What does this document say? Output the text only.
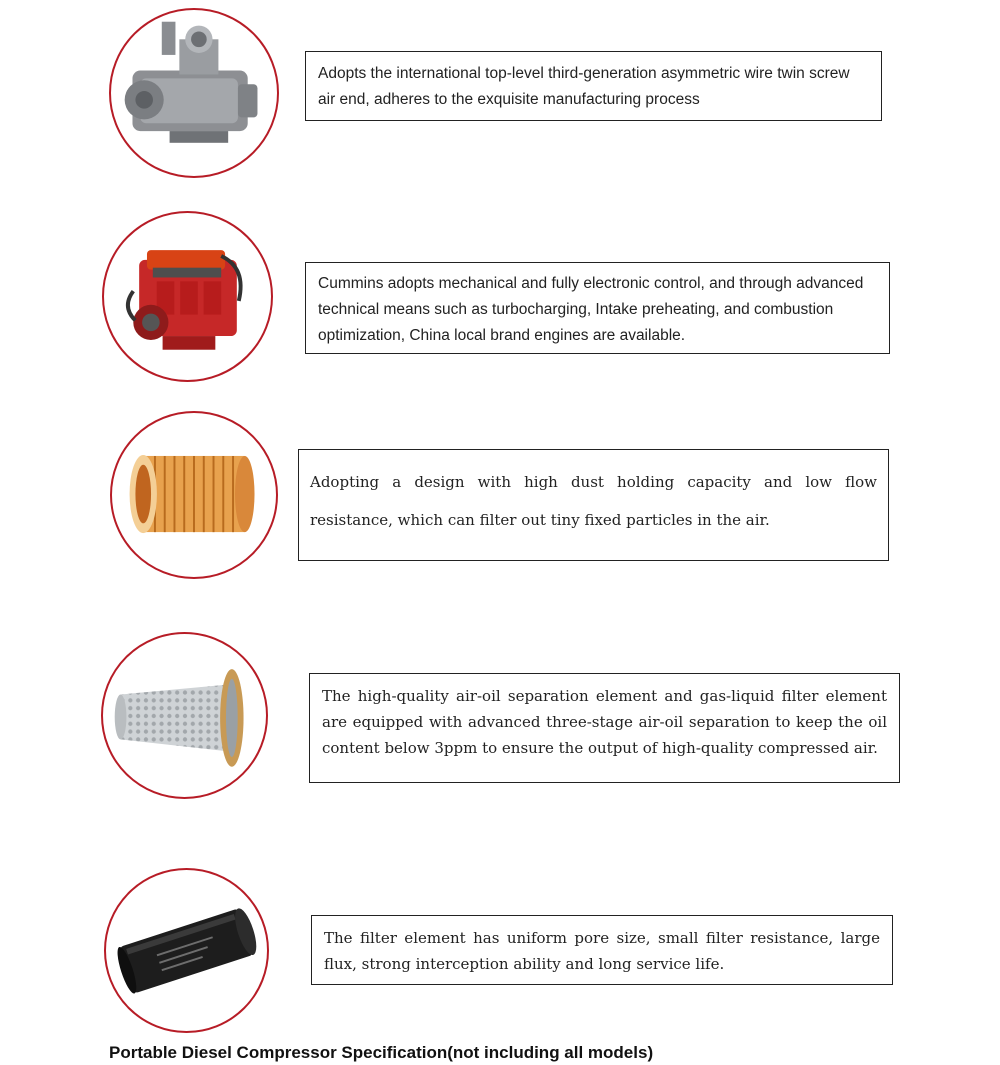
Adopts the international top-level third-generation asymmetric wire twin screw air end, adheres to the exquisite manufacturing process

Cummins adopts mechanical and fully electronic control, and through advanced technical means such as turbocharging, Intake preheating, and combustion optimization, China local brand engines are available.

Adopting a design with high dust holding capacity and low flow resistance, which can filter out tiny fixed particles in the air.

The high-quality air-oil separation element and gas-liquid filter element are equipped with advanced three-stage air-oil separation to keep the oil content below 3ppm to ensure the output of high-quality compressed air.

The filter element has uniform pore size, small filter resistance, large flux, strong interception ability and long service life.

Portable Diesel Compressor Specification(not including all models)
